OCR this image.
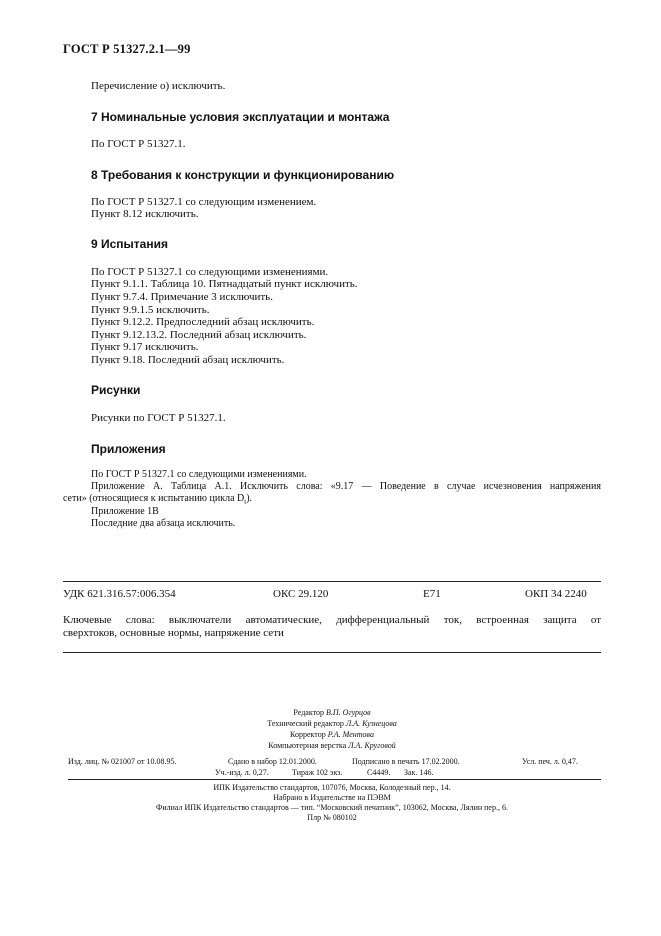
ГОСТ Р 51327.2.1—99
Перечисление о) исключить.
7 Номинальные условия эксплуатации и монтажа
По ГОСТ Р 51327.1.
8 Требования к конструкции и функционированию
По ГОСТ Р 51327.1 со следующим изменением.
Пункт 8.12 исключить.
9 Испытания
По ГОСТ Р 51327.1 со следующими изменениями.
Пункт 9.1.1. Таблица 10. Пятнадцатый пункт исключить.
Пункт 9.7.4. Примечание 3 исключить.
Пункт 9.9.1.5 исключить.
Пункт 9.12.2. Предпоследний абзац исключить.
Пункт 9.12.13.2. Последний абзац исключить.
Пункт 9.17 исключить.
Пункт 9.18. Последний абзац исключить.
Рисунки
Рисунки по ГОСТ Р 51327.1.
Приложения
По ГОСТ Р 51327.1 со следующими изменениями.
Приложение А. Таблица А.1. Исключить слова: «9.17 — Поведение в случае исчезновения напряжения
сети» (относящиеся к испытанию цикла $D_t$).
Приложение 1В
Последние два абзаца исключить.
УДК 621.316.57:006.354	ОКС 29.120	Е71	ОКП 34 2240
Ключевые слова: выключатели автоматические, дифференциальный ток, встроенная защита от
сверхтоков, основные нормы, напряжение сети
Редактор В.П. Огурцов
Технический редактор Л.А. Кузнецова
Корректор Р.А. Ментова
Компьютерная верстка Л.А. Круговой
Изд. лиц. № 021007 от 10.08.95.	Сдано в набор 12.01.2000.	Подписано в печать 17.02.2000.	Усл. печ. л. 0,47.
Уч.-изд. л. 0,27.	Тираж 102 экз.	С4449. Зак. 146.
ИПК Издательство стандартов, 107076, Москва, Колодезный пер., 14.
Набрано в Издательстве на ПЭВМ
Филиал ИПК Издательство стандартов — тип. “Московский печатник”, 103062, Москва, Лялин пер., 6.
Плр № 080102
